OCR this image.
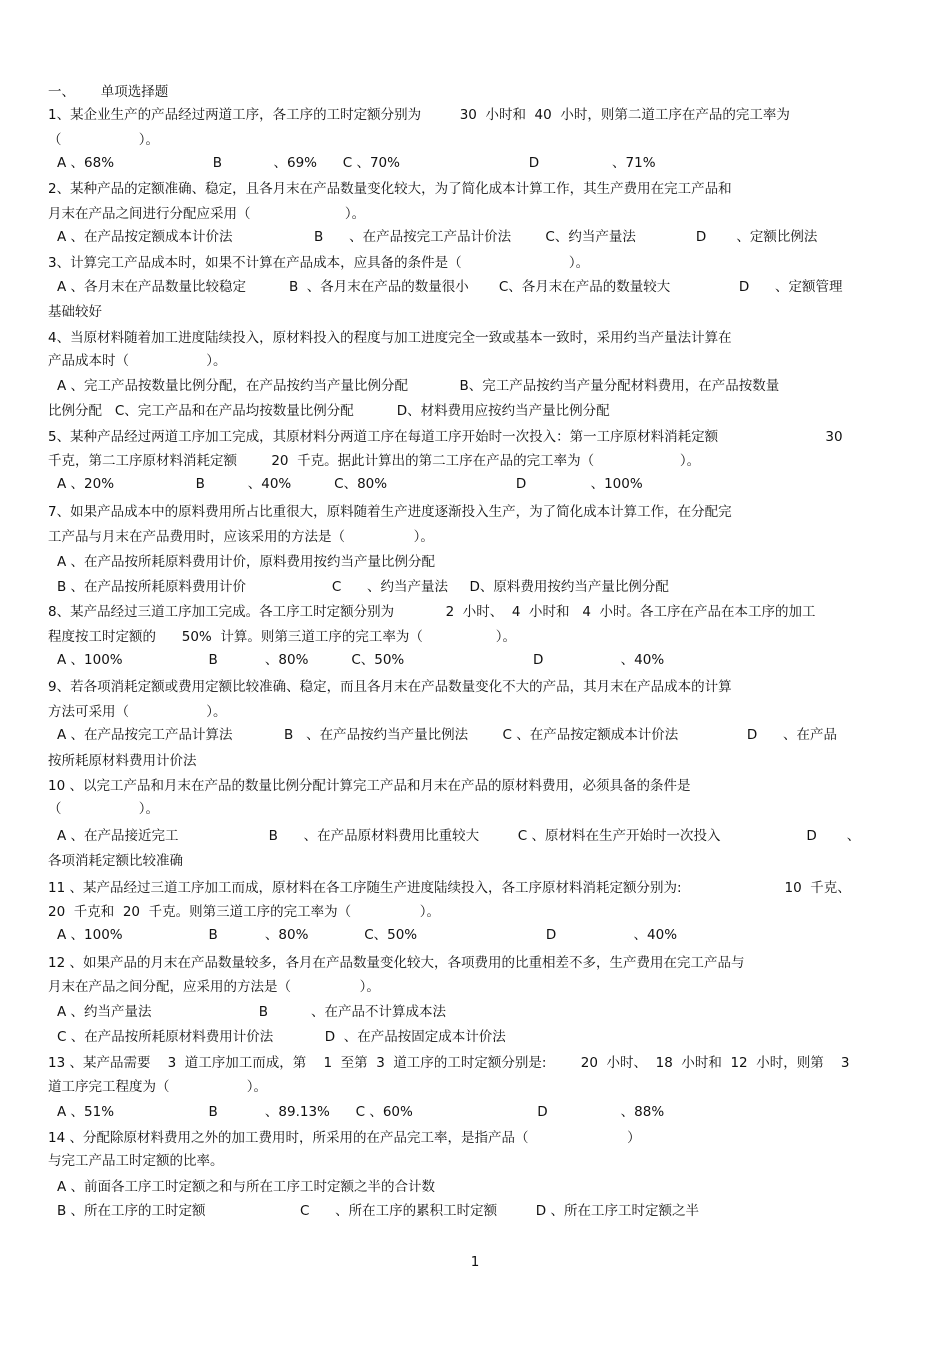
一、      单项选择题
1、某企业生产的产品经过两道工序，各工序的工时定额分别为         30  小时和  40  小时，则第二道工序在产品的完工率为
（                  ）。
A 、68%                       B            、69%      C 、70%                              D                 、71%
2、某种产品的定额准确、稳定，且各月末在产品数量变化较大，为了简化成本计算工作，其生产费用在完工产品和
月末在产品之间进行分配应采用（                      ）。
A 、在产品按定额成本计价法                   B      、在产品按完工产品计价法        C、约当产量法              D       、定额比例法
3、计算完工产品成本时，如果不计算在产品成本，应具备的条件是（                         ）。
A 、各月末在产品数量比较稳定          B  、各月末在产品的数量很小       C、各月末在产品的数量较大                D      、定额管理
基础较好
4、当原材料随着加工进度陆续投入，原材料投入的程度与加工进度完全一致或基本一致时，采用约当产量法计算在
产品成本时（                  ）。
A 、完工产品按数量比例分配，在产品按约当产量比例分配            B、完工产品按约当产量分配材料费用，在产品按数量
比例分配   C、完工产品和在产品均按数量比例分配          D、材料费用应按约当产量比例分配
5、某种产品经过两道工序加工完成，其原材料分两道工序在每道工序开始时一次投入：第一工序原材料消耗定额                         30
千克，第二工序原材料消耗定额        20  千克。据此计算出的第二工序在产品的完工率为（                    ）。
A 、20%                   B          、40%          C、80%                              D               、100%
7、如果产品成本中的原料费用所占比重很大，原料随着生产进度逐渐投入生产，为了简化成本计算工作，在分配完
工产品与月末在产品费用时，应该采用的方法是（                ）。
A 、在产品按所耗原料费用计价，原料费用按约当产量比例分配
B 、在产品按所耗原料费用计价                    C      、约当产量法     D、原料费用按约当产量比例分配
8、某产品经过三道工序加工完成。各工序工时定额分别为            2  小时、  4  小时和   4  小时。各工序在产品在本工序的加工
程度按工时定额的      50%  计算。则第三道工序的完工率为（                 ）。
A 、100%                    B           、80%          C、50%                              D                  、40%
9、若各项消耗定额或费用定额比较准确、稳定，而且各月末在产品数量变化不大的产品，其月末在产品成本的计算
方法可采用（                  ）。
A 、在产品按完工产品计算法            B   、在产品按约当产量比例法        C 、在产品按定额成本计价法                D      、在产品
按所耗原材料费用计价法
10 、以完工产品和月末在产品的数量比例分配计算完工产品和月末在产品的原材料费用，必须具备的条件是
（                  ）。
A 、在产品接近完工                     B      、在产品原材料费用比重较大         C 、原材料在生产开始时一次投入                    D       、
各项消耗定额比较准确
11 、某产品经过三道工序加工而成，原材料在各工序随生产进度陆续投入，各工序原材料消耗定额分别为:                        10  千克、
20  千克和  20  千克。则第三道工序的完工率为（                ）。
A 、100%                    B           、80%             C、50%                              D                  、40%
12 、如果产品的月末在产品数量较多，各月在产品数量变化较大，各项费用的比重相差不多，生产费用在完工产品与
月末在产品之间分配，应采用的方法是（                ）。
A 、约当产量法                         B          、在产品不计算成本法
C 、在产品按所耗原材料费用计价法            D  、在产品按固定成本计价法
13 、某产品需要    3  道工序加工而成，第    1  至第  3  道工序的工时定额分别是:        20  小时、  18  小时和  12  小时，则第    3
道工序完工程度为（                  ）。
A 、51%                      B           、89.13%      C 、60%                             D                 、88%
14 、分配除原材料费用之外的加工费用时，所采用的在产品完工率，是指产品（                       ）
与完工产品工时定额的比率。
A 、前面各工序工时定额之和与所在工序工时定额之半的合计数
B 、所在工序的工时定额                      C      、所在工序的累积工时定额         D 、所在工序工时定额之半
1
